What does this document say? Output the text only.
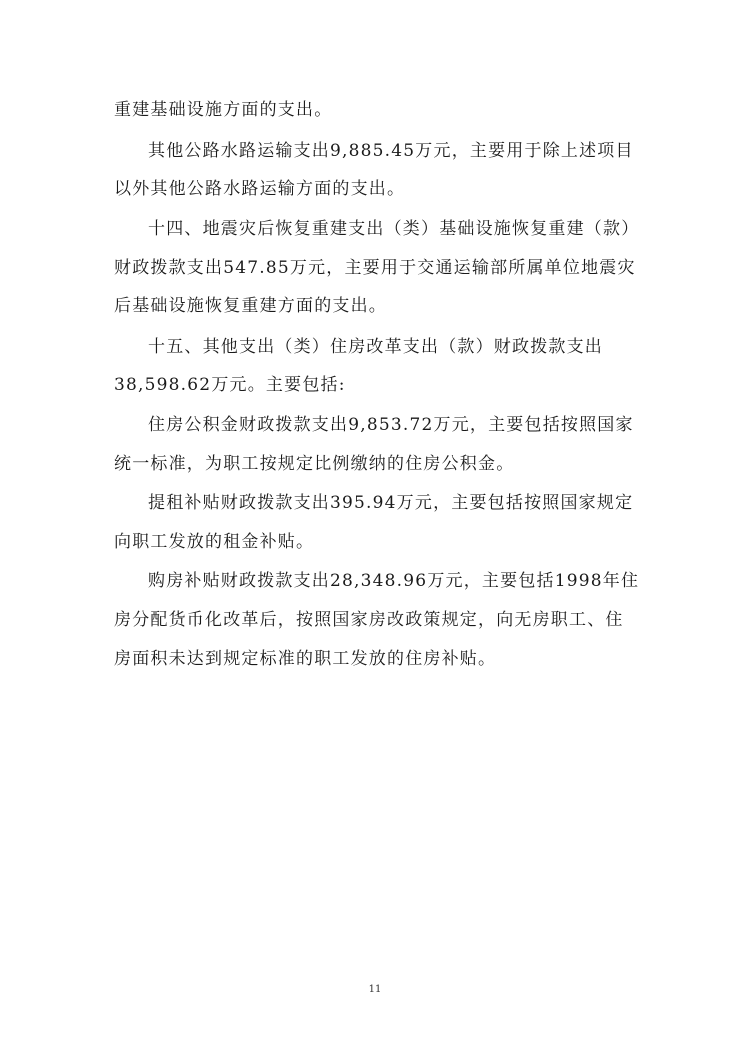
重建基础设施方面的支出。
其他公路水路运输支出9,885.45万元，主要用于除上述项目
以外其他公路水路运输方面的支出。
十四、地震灾后恢复重建支出（类）基础设施恢复重建（款）
财政拨款支出547.85万元，主要用于交通运输部所属单位地震灾
后基础设施恢复重建方面的支出。
十五、其他支出（类）住房改革支出（款）财政拨款支出
38,598.62万元。主要包括:
住房公积金财政拨款支出9,853.72万元，主要包括按照国家
统一标准，为职工按规定比例缴纳的住房公积金。
提租补贴财政拨款支出395.94万元，主要包括按照国家规定
向职工发放的租金补贴。
购房补贴财政拨款支出28,348.96万元，主要包括1998年住
房分配货币化改革后，按照国家房改政策规定，向无房职工、住
房面积未达到规定标准的职工发放的住房补贴。
11
